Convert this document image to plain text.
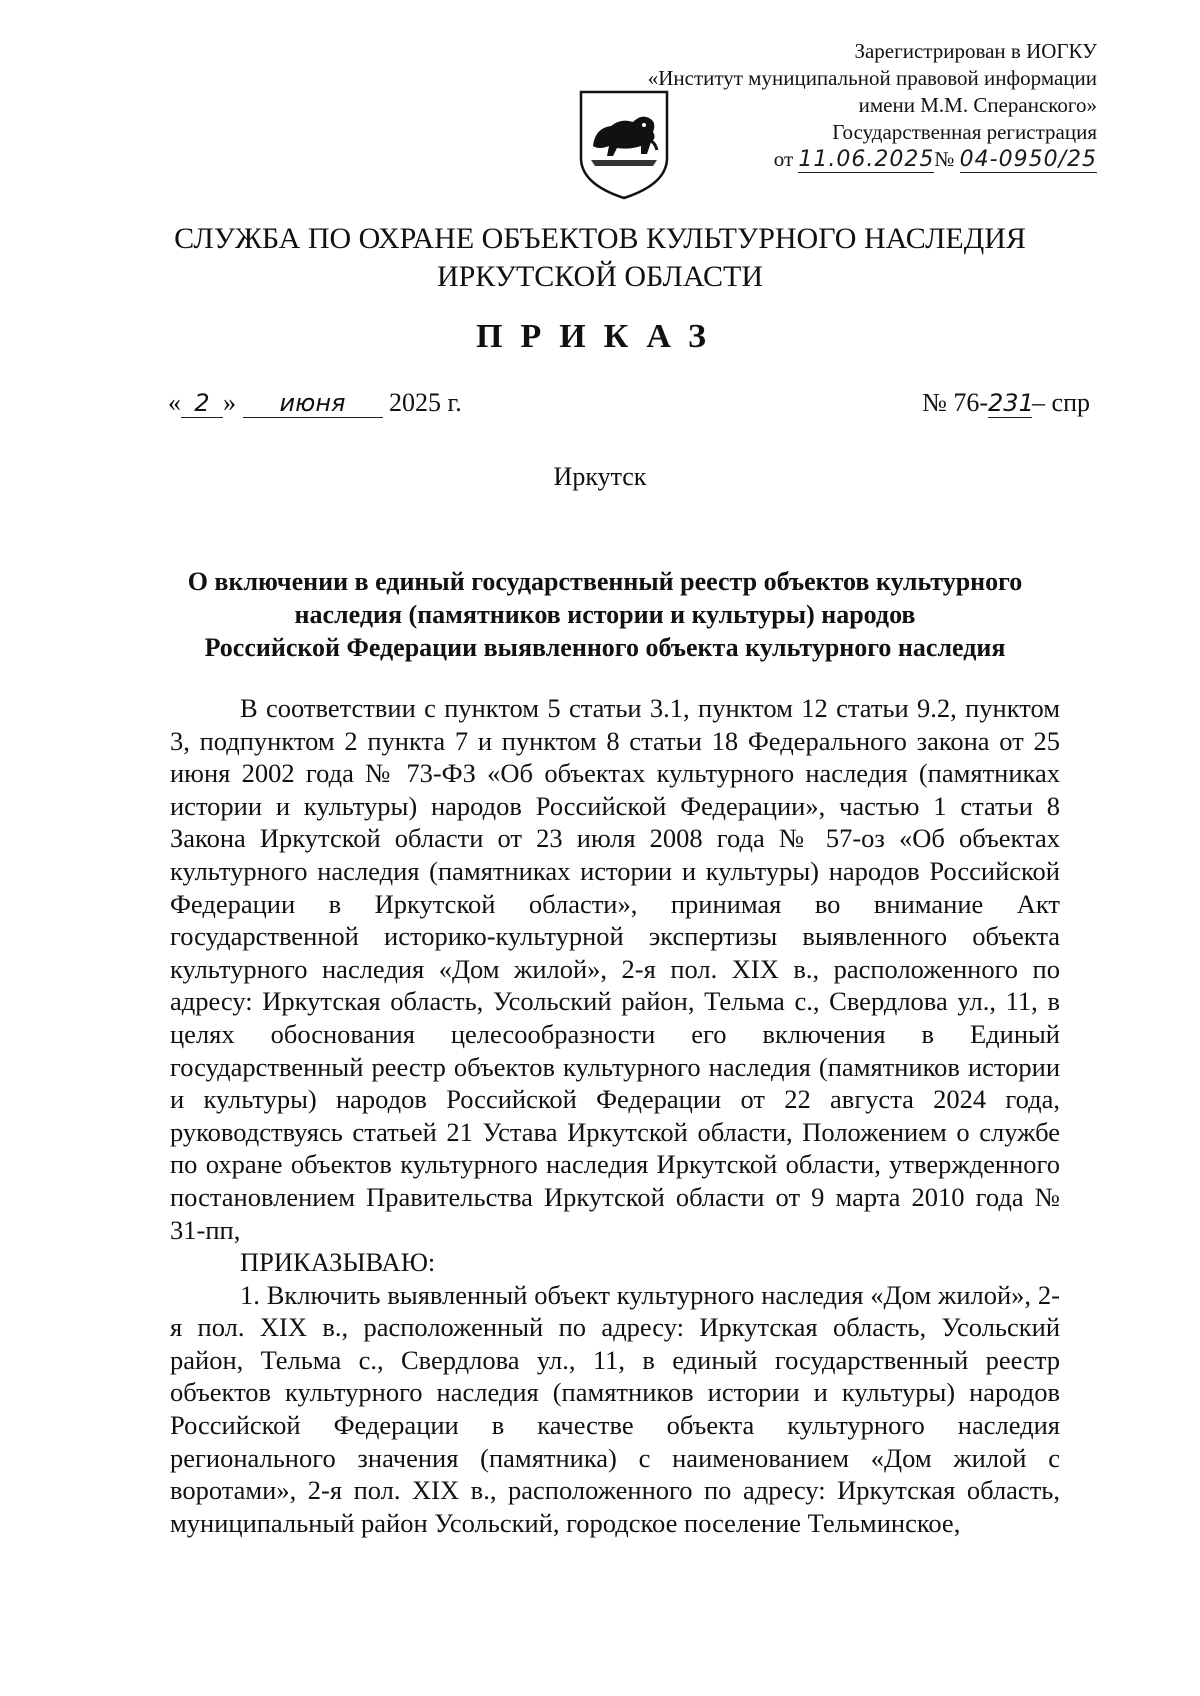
Зарегистрирован в ИОГКУ
«Институт муниципальной правовой информации
имени М.М. Сперанского»
Государственная регистрация
от 11.06.2025№ 04-0950/25
СЛУЖБА ПО ОХРАНЕ ОБЪЕКТОВ КУЛЬТУРНОГО НАСЛЕДИЯ
ИРКУТСКОЙ ОБЛАСТИ
ПРИКАЗ
« 2 » июня 2025 г.	№ 76-231– спр
Иркутск
О включении в единый государственный реестр объектов культурного
наследия (памятников истории и культуры) народов
Российской Федерации выявленного объекта культурного наследия

В соответствии с пунктом 5 статьи 3.1, пунктом 12 статьи 9.2, пунктом 3, подпунктом 2 пункта 7 и пунктом 8 статьи 18 Федерального закона от 25 июня 2002 года № 73-ФЗ «Об объектах культурного наследия (памятниках истории и культуры) народов Российской Федерации», частью 1 статьи 8 Закона Иркутской области от 23 июля 2008 года № 57-оз «Об объектах культурного наследия (памятниках истории и культуры) народов Российской Федерации в Иркутской области», принимая во внимание Акт государственной историко-культурной экспертизы выявленного объекта культурного наследия «Дом жилой», 2-я пол. XIX в., расположенного по адресу: Иркутская область, Усольский район, Тельма с., Свердлова ул., 11, в целях обоснования целесообразности его включения в Единый государственный реестр объектов культурного наследия (памятников истории и культуры) народов Российской Федерации от 22 августа 2024 года, руководствуясь статьей 21 Устава Иркутской области, Положением о службе по охране объектов культурного наследия Иркутской области, утвержденного постановлением Правительства Иркутской области от 9 марта 2010 года № 31-пп,

ПРИКАЗЫВАЮ:

1. Включить выявленный объект культурного наследия «Дом жилой», 2-я пол. XIX в., расположенный по адресу: Иркутская область, Усольский район, Тельма с., Свердлова ул., 11, в единый государственный реестр объектов культурного наследия (памятников истории и культуры) народов Российской Федерации в качестве объекта культурного наследия регионального значения (памятника) с наименованием «Дом жилой с воротами», 2-я пол. XIX в., расположенного по адресу: Иркутская область, муниципальный район Усольский, городское поселение Тельминское,
